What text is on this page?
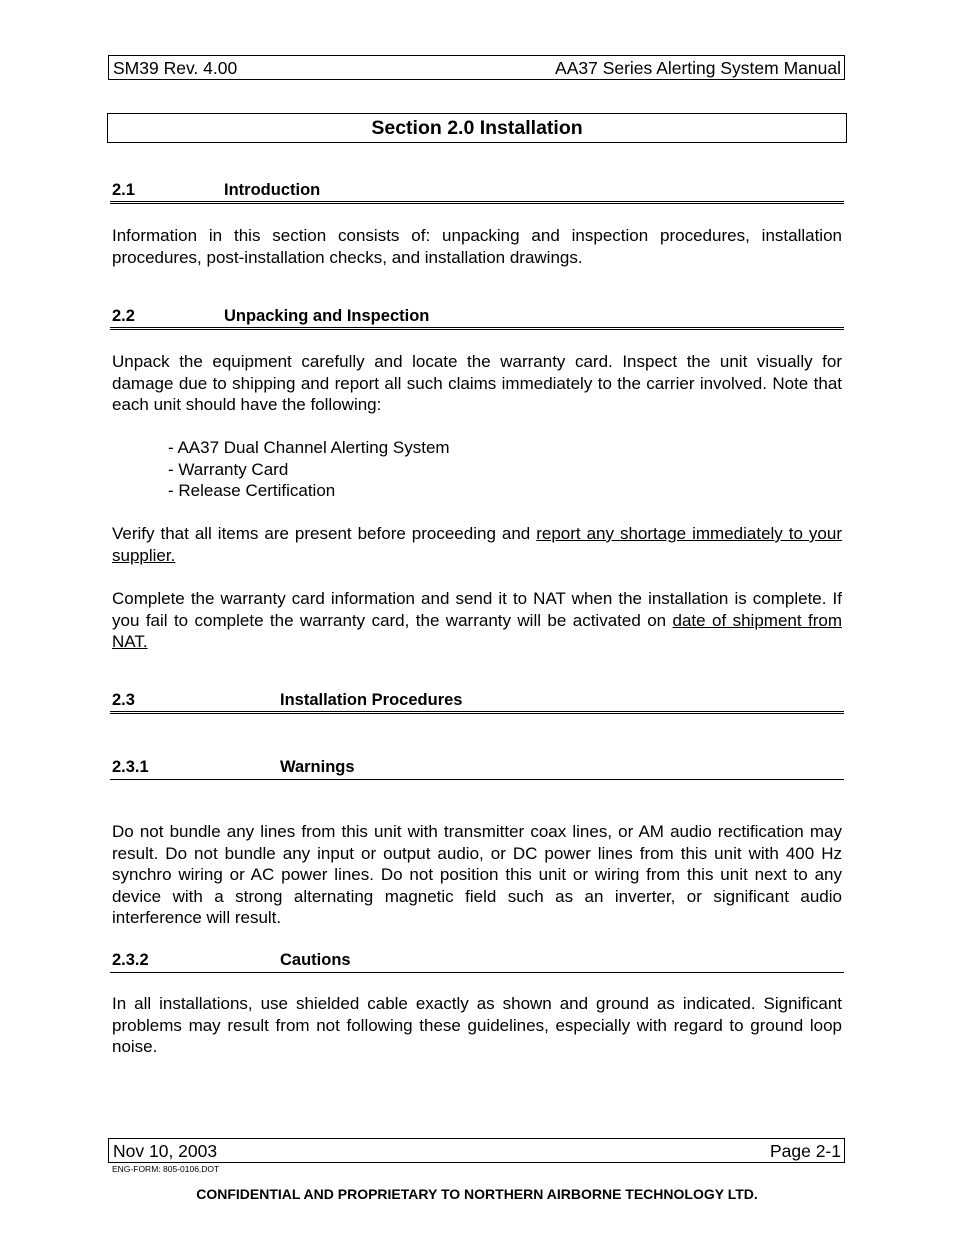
SM39 Rev. 4.00	AA37 Series Alerting System Manual
Section 2.0 Installation
2.1	Introduction
Information in this section consists of: unpacking and inspection procedures, installation procedures, post-installation checks, and installation drawings.
2.2	Unpacking and Inspection
Unpack the equipment carefully and locate the warranty card. Inspect the unit visually for damage due to shipping and report all such claims immediately to the carrier involved. Note that each unit should have the following:
- AA37 Dual Channel Alerting System
- Warranty Card
- Release Certification
Verify that all items are present before proceeding and report any shortage immediately to your supplier.
Complete the warranty card information and send it to NAT when the installation is complete. If you fail to complete the warranty card, the warranty will be activated on date of shipment from NAT.
2.3	Installation Procedures
2.3.1	Warnings
Do not bundle any lines from this unit with transmitter coax lines, or AM audio rectification may result. Do not bundle any input or output audio, or DC power lines from this unit with 400 Hz synchro wiring or AC power lines. Do not position this unit or wiring from this unit next to any device with a strong alternating magnetic field such as an inverter, or significant audio interference will result.
2.3.2	Cautions
In all installations, use shielded cable exactly as shown and ground as indicated. Significant problems may result from not following these guidelines, especially with regard to ground loop noise.
Nov 10, 2003	Page 2-1
ENG-FORM: 805-0106.DOT
CONFIDENTIAL AND PROPRIETARY TO NORTHERN AIRBORNE TECHNOLOGY LTD.
